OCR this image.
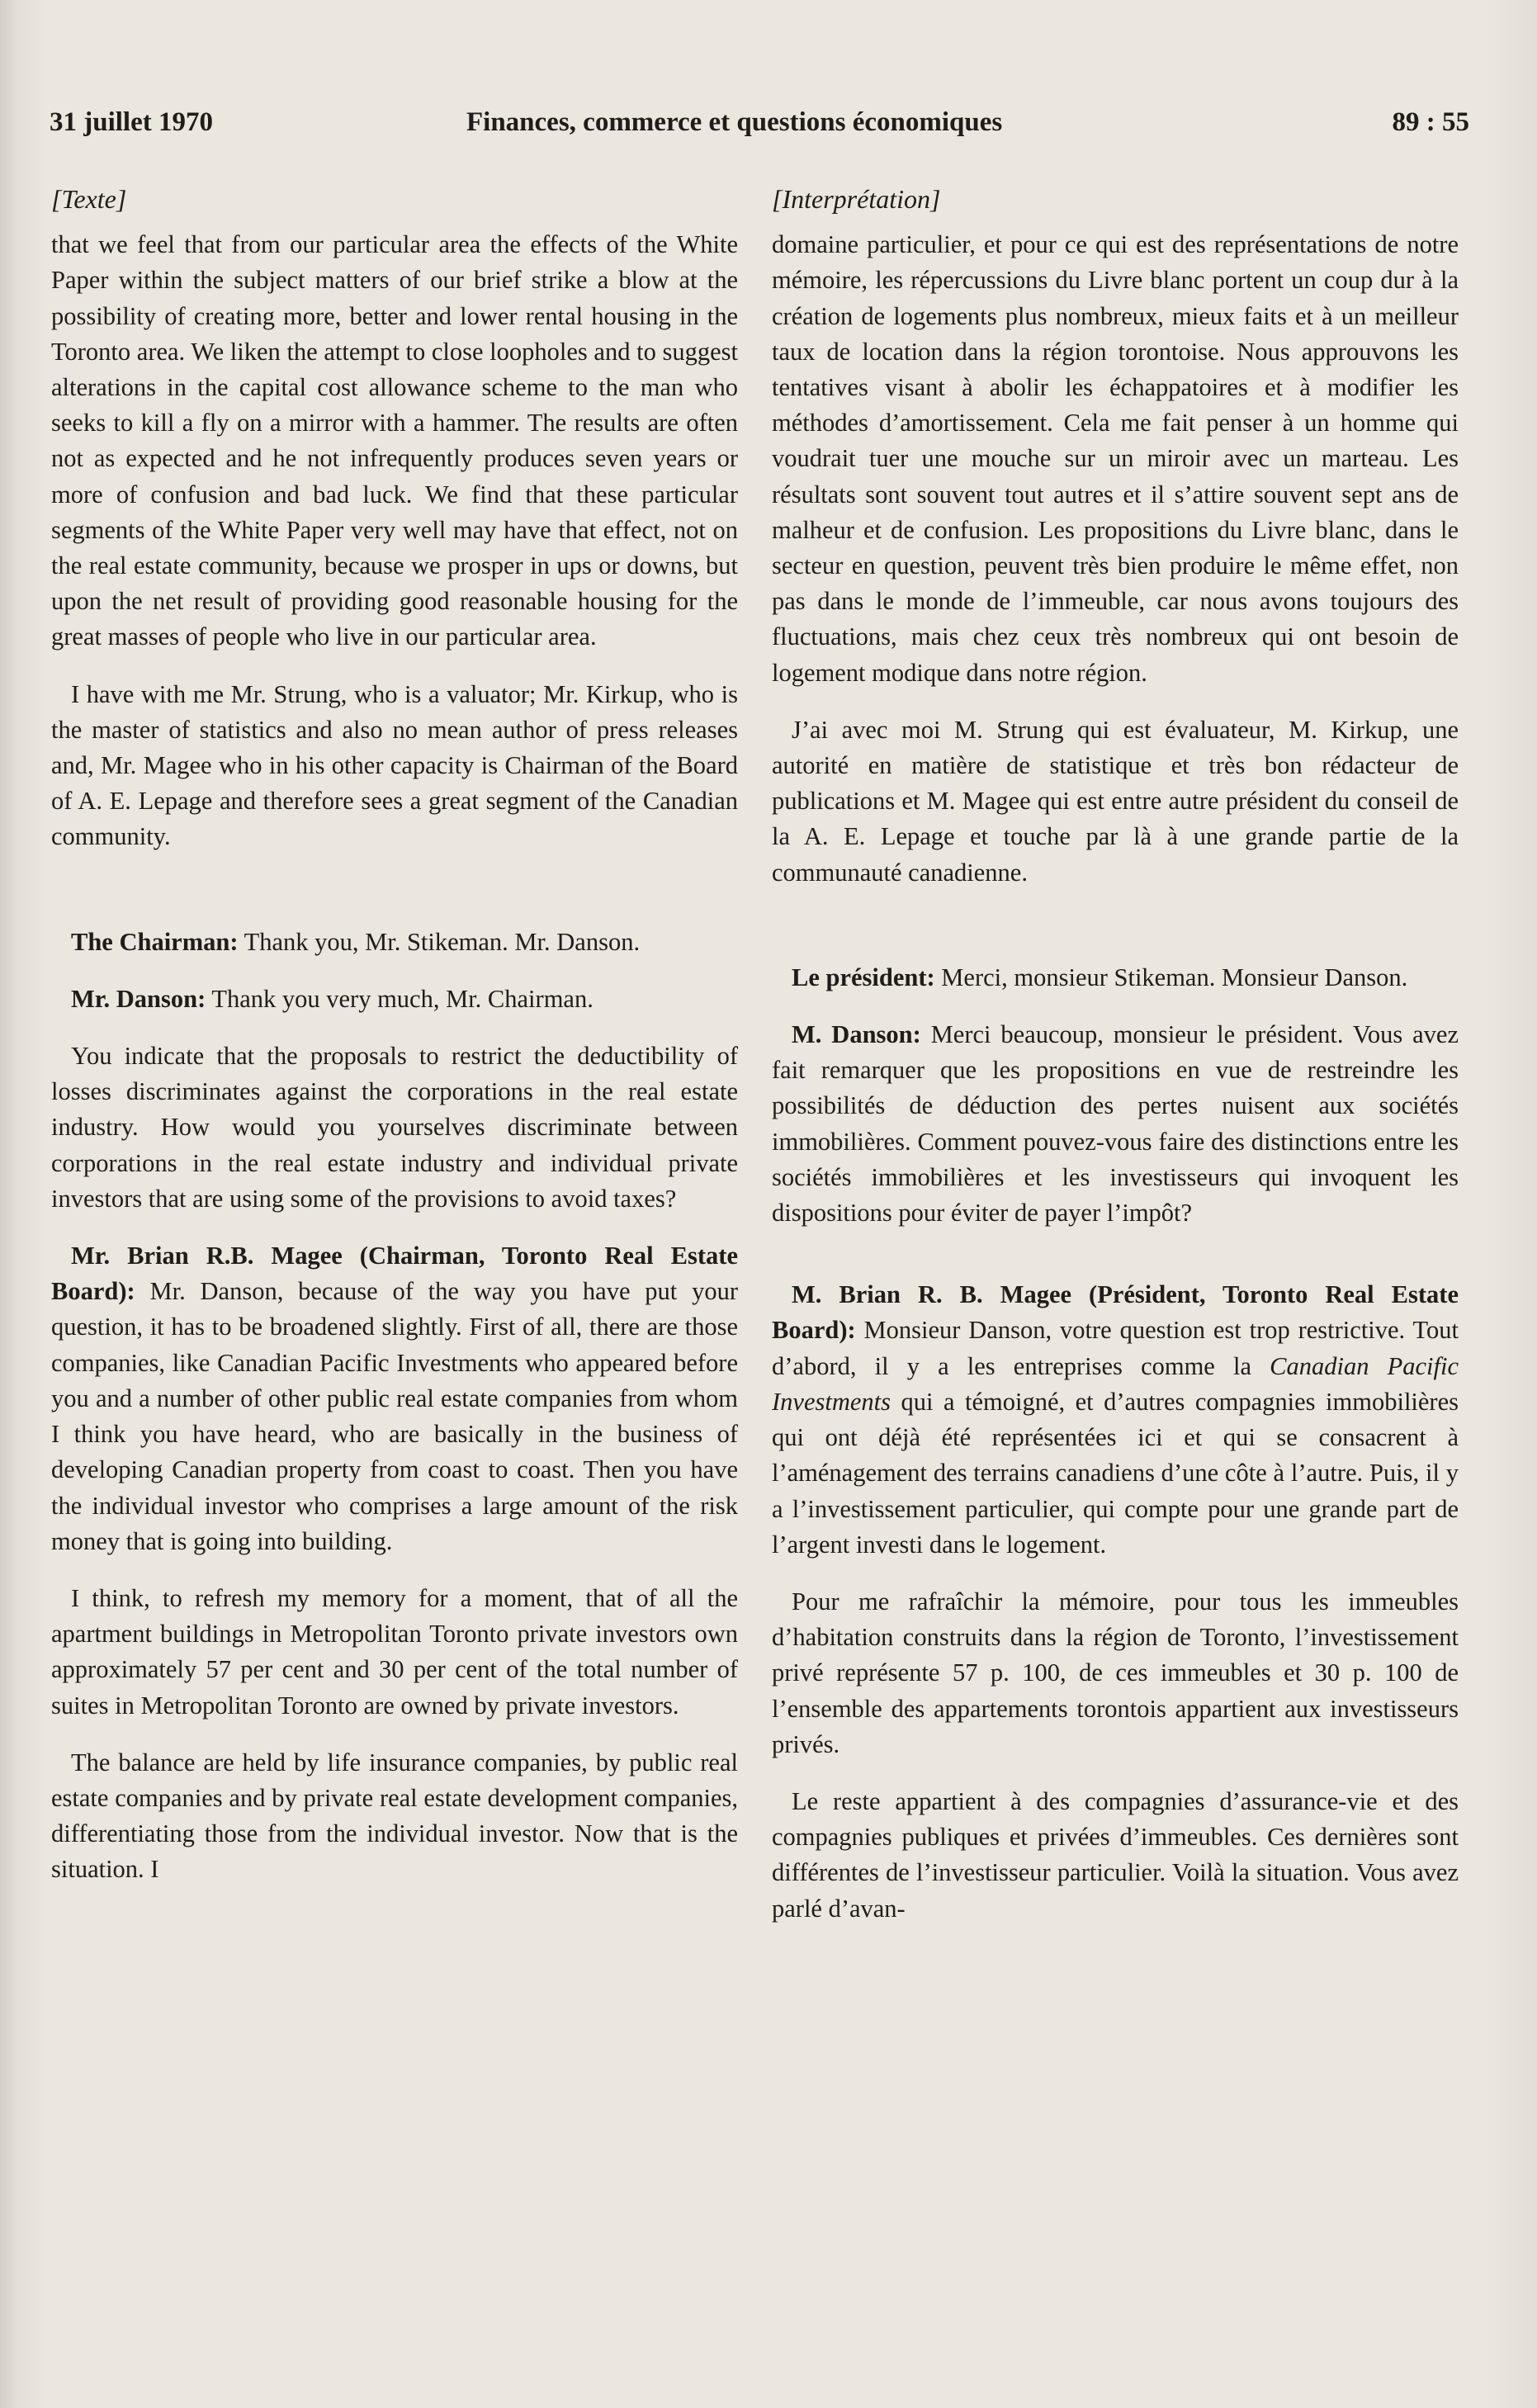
31 juillet 1970	Finances, commerce et questions économiques	89 : 55
[Texte]

that we feel that from our particular area the effects of the White Paper within the subject matters of our brief strike a blow at the possibility of creating more, better and lower rental housing in the Toronto area. We liken the attempt to close loopholes and to suggest alterations in the capital cost allowance scheme to the man who seeks to kill a fly on a mirror with a hammer. The results are often not as expected and he not infrequently produces seven years or more of confusion and bad luck. We find that these particular segments of the White Paper very well may have that effect, not on the real estate community, because we prosper in ups or downs, but upon the net result of providing good reasonable housing for the great masses of people who live in our particular area.

I have with me Mr. Strung, who is a valuator; Mr. Kirkup, who is the master of statistics and also no mean author of press releases and, Mr. Magee who in his other capacity is Chairman of the Board of A. E. Lepage and therefore sees a great segment of the Canadian community.

The Chairman: Thank you, Mr. Stikeman. Mr. Danson.

Mr. Danson: Thank you very much, Mr. Chairman.

You indicate that the proposals to restrict the deductibility of losses discriminates against the corporations in the real estate industry. How would you yourselves discriminate between corporations in the real estate industry and individual private investors that are using some of the provisions to avoid taxes?

Mr. Brian R.B. Magee (Chairman, Toronto Real Estate Board): Mr. Danson, because of the way you have put your question, it has to be broadened slightly. First of all, there are those companies, like Canadian Pacific Investments who appeared before you and a number of other public real estate companies from whom I think you have heard, who are basically in the business of developing Canadian property from coast to coast. Then you have the individual investor who comprises a large amount of the risk money that is going into building.

I think, to refresh my memory for a moment, that of all the apartment buildings in Metropolitan Toronto private investors own approximately 57 per cent and 30 per cent of the total number of suites in Metropolitan Toronto are owned by private investors.

The balance are held by life insurance companies, by public real estate companies and by private real estate development companies, differentiating those from the individual investor. Now that is the situation. I

[Interprétation]

domaine particulier, et pour ce qui est des représentations de notre mémoire, les répercussions du Livre blanc portent un coup dur à la création de logements plus nombreux, mieux faits et à un meilleur taux de location dans la région torontoise. Nous approuvons les tentatives visant à abolir les échappatoires et à modifier les méthodes d’amortissement. Cela me fait penser à un homme qui voudrait tuer une mouche sur un miroir avec un marteau. Les résultats sont souvent tout autres et il s’attire souvent sept ans de malheur et de confusion. Les propositions du Livre blanc, dans le secteur en question, peuvent très bien produire le même effet, non pas dans le monde de l’immeuble, car nous avons toujours des fluctuations, mais chez ceux très nombreux qui ont besoin de logement modique dans notre région.

J’ai avec moi M. Strung qui est évaluateur, M. Kirkup, une autorité en matière de statistique et très bon rédacteur de publications et M. Magee qui est entre autre président du conseil de la A. E. Lepage et touche par là à une grande partie de la communauté canadienne.

Le président: Merci, monsieur Stikeman. Monsieur Danson.

M. Danson: Merci beaucoup, monsieur le président. Vous avez fait remarquer que les propositions en vue de restreindre les possibilités de déduction des pertes nuisent aux sociétés immobilières. Comment pouvez-vous faire des distinctions entre les sociétés immobilières et les investisseurs qui invoquent les dispositions pour éviter de payer l’impôt?

M. Brian R. B. Magee (Président, Toronto Real Estate Board): Monsieur Danson, votre question est trop restrictive. Tout d’abord, il y a les entreprises comme la Canadian Pacific Investments qui a témoigné, et d’autres compagnies immobilières qui ont déjà été représentées ici et qui se consacrent à l’aménagement des terrains canadiens d’une côte à l’autre. Puis, il y a l’investissement particulier, qui compte pour une grande part de l’argent investi dans le logement.

Pour me rafraîchir la mémoire, pour tous les immeubles d’habitation construits dans la région de Toronto, l’investissement privé représente 57 p. 100, de ces immeubles et 30 p. 100 de l’ensemble des appartements torontois appartient aux investisseurs privés.

Le reste appartient à des compagnies d’assurance-vie et des compagnies publiques et privées d’immeubles. Ces dernières sont différentes de l’investisseur particulier. Voilà la situation. Vous avez parlé d’avan-
